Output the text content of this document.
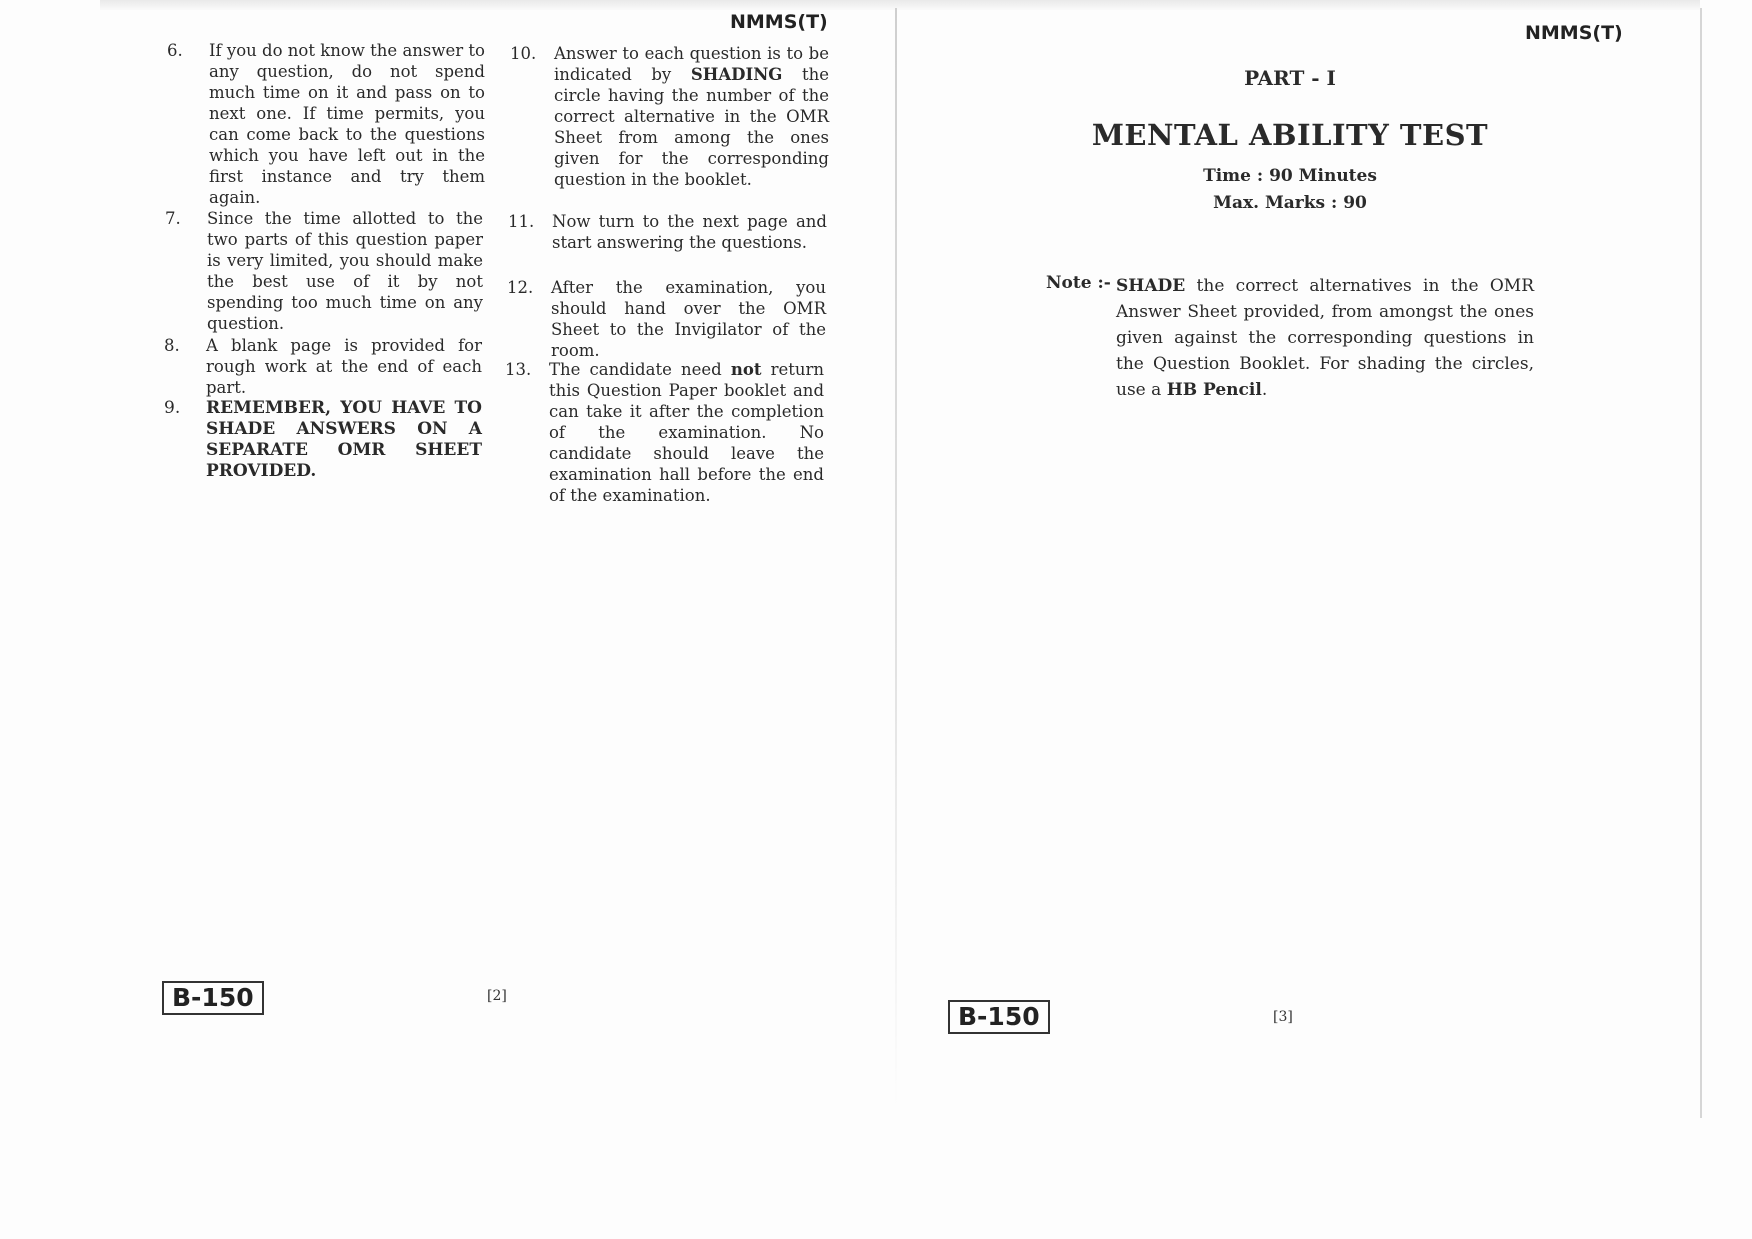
NMMS(T)
6. If you do not know the answer to any question, do not spend much time on it and pass on to next one. If time permits, you can come back to the questions which you have left out in the first instance and try them again.
7. Since the time allotted to the two parts of this question paper is very limited, you should make the best use of it by not spending too much time on any question.
8. A blank page is provided for rough work at the end of each part.
9. REMEMBER, YOU HAVE TO SHADE ANSWERS ON A SEPARATE OMR SHEET PROVIDED.
10. Answer to each question is to be indicated by SHADING the circle having the number of the correct alternative in the OMR Sheet from among the ones given for the corresponding question in the booklet.
11. Now turn to the next page and start answering the questions.
12. After the examination, you should hand over the OMR Sheet to the Invigilator of the room.
13. The candidate need not return this Question Paper booklet and can take it after the completion of the examination. No candidate should leave the examination hall before the end of the examination.
B-150	[2]
NMMS(T)
PART - I
MENTAL ABILITY TEST
Time : 90 Minutes
Max. Marks : 90
Note :- SHADE the correct alternatives in the OMR Answer Sheet provided, from amongst the ones given against the corresponding questions in the Question Booklet. For shading the circles, use a HB Pencil.
B-150	[3]
